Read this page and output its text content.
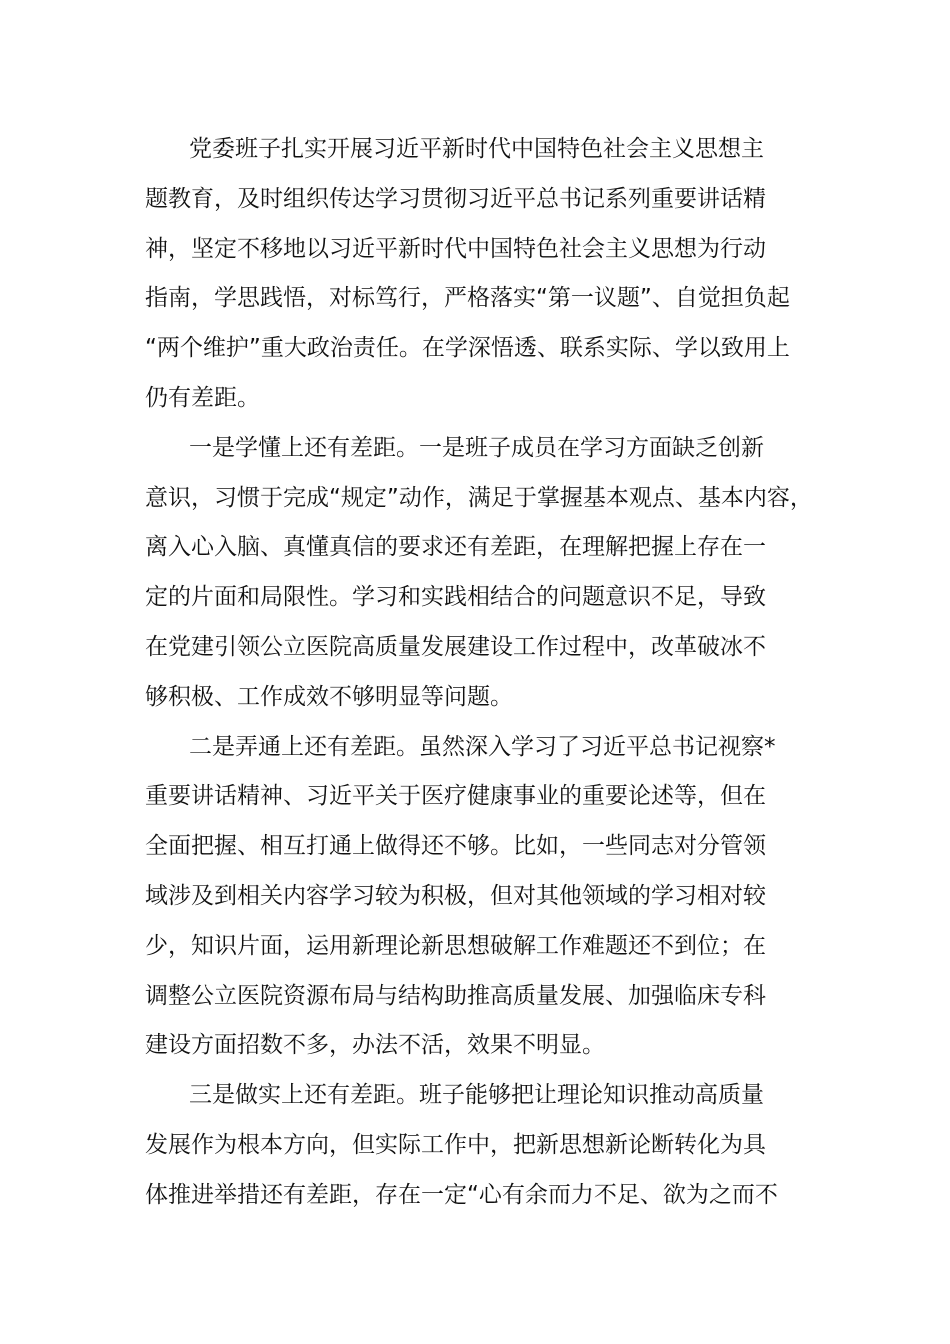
党委班子扎实开展习近平新时代中国特色社会主义思想主
题教育，及时组织传达学习贯彻习近平总书记系列重要讲话精
神，坚定不移地以习近平新时代中国特色社会主义思想为行动
指南，学思践悟，对标笃行，严格落实“第一议题”、自觉担负起
“两个维护”重大政治责任。在学深悟透、联系实际、学以致用上
仍有差距。

一是学懂上还有差距。一是班子成员在学习方面缺乏创新
意识，习惯于完成“规定”动作，满足于掌握基本观点、基本内容，
离入心入脑、真懂真信的要求还有差距，在理解把握上存在一
定的片面和局限性。学习和实践相结合的问题意识不足，导致
在党建引领公立医院高质量发展建设工作过程中，改革破冰不
够积极、工作成效不够明显等问题。

二是弄通上还有差距。虽然深入学习了习近平总书记视察*
重要讲话精神、习近平关于医疗健康事业的重要论述等，但在
全面把握、相互打通上做得还不够。比如，一些同志对分管领
域涉及到相关内容学习较为积极，但对其他领域的学习相对较
少，知识片面，运用新理论新思想破解工作难题还不到位；在
调整公立医院资源布局与结构助推高质量发展、加强临床专科
建设方面招数不多，办法不活，效果不明显。

三是做实上还有差距。班子能够把让理论知识推动高质量
发展作为根本方向，但实际工作中，把新思想新论断转化为具
体推进举措还有差距，存在一定“心有余而力不足、欲为之而不
